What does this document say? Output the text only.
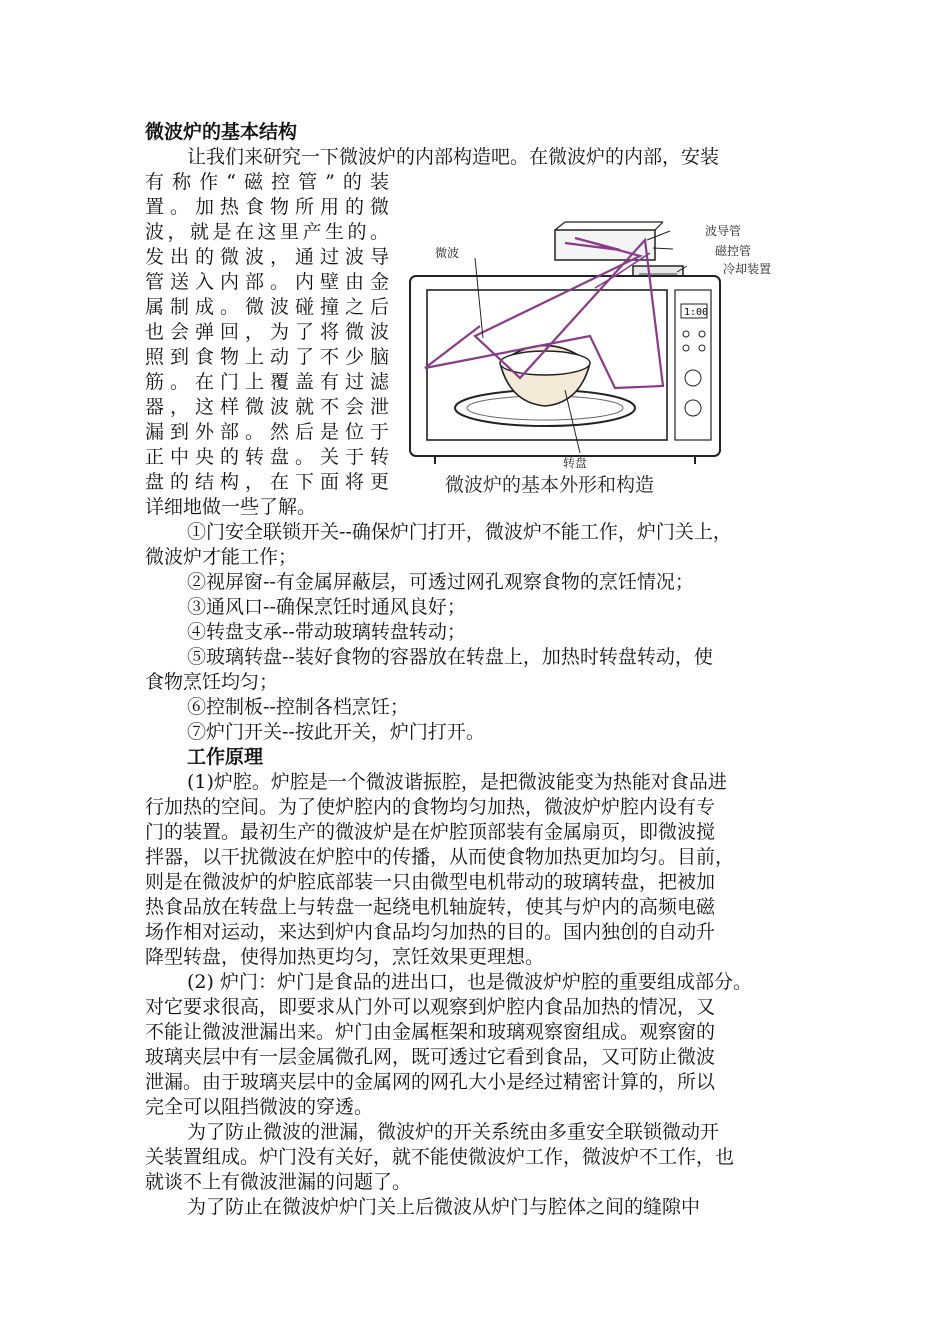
微波炉的基本结构
让我们来研究一下微波炉的内部构造吧。在微波炉的内部，安装
有称作“磁控管”的装
置。加热食物所用的微
波，就是在这里产生的。
发出的微波，通过波导
管送入内部。内壁由金
属制成。微波碰撞之后
也会弹回，为了将微波
照到食物上动了不少脑
筋。在门上覆盖有过滤
器，这样微波就不会泄
漏到外部。然后是位于
正中央的转盘。关于转
盘的结构，在下面将更
详细地做一些了解。
1:00
微波
波导管
磁控管
冷却装置
转盘
微波炉的基本外形和构造
①门安全联锁开关--确保炉门打开，微波炉不能工作，炉门关上，
微波炉才能工作；
②视屏窗--有金属屏蔽层，可透过网孔观察食物的烹饪情况；
③通风口--确保烹饪时通风良好；
④转盘支承--带动玻璃转盘转动；
⑤玻璃转盘--装好食物的容器放在转盘上，加热时转盘转动，使
食物烹饪均匀；
⑥控制板--控制各档烹饪；
⑦炉门开关--按此开关，炉门打开。
工作原理
(1)炉腔。炉腔是一个微波谐振腔，是把微波能变为热能对食品进
行加热的空间。为了使炉腔内的食物均匀加热，微波炉炉腔内设有专
门的装置。最初生产的微波炉是在炉腔顶部装有金属扇页，即微波搅
拌器，以干扰微波在炉腔中的传播，从而使食物加热更加均匀。目前，
则是在微波炉的炉腔底部装一只由微型电机带动的玻璃转盘，把被加
热食品放在转盘上与转盘一起绕电机轴旋转，使其与炉内的高频电磁
场作相对运动，来达到炉内食品均匀加热的目的。国内独创的自动升
降型转盘，使得加热更均匀，烹饪效果更理想。
(2) 炉门：炉门是食品的进出口，也是微波炉炉腔的重要组成部分。
对它要求很高，即要求从门外可以观察到炉腔内食品加热的情况，又
不能让微波泄漏出来。炉门由金属框架和玻璃观察窗组成。观察窗的
玻璃夹层中有一层金属微孔网，既可透过它看到食品，又可防止微波
泄漏。由于玻璃夹层中的金属网的网孔大小是经过精密计算的，所以
完全可以阻挡微波的穿透。
为了防止微波的泄漏，微波炉的开关系统由多重安全联锁微动开
关装置组成。炉门没有关好，就不能使微波炉工作，微波炉不工作，也
就谈不上有微波泄漏的问题了。
为了防止在微波炉炉门关上后微波从炉门与腔体之间的缝隙中
